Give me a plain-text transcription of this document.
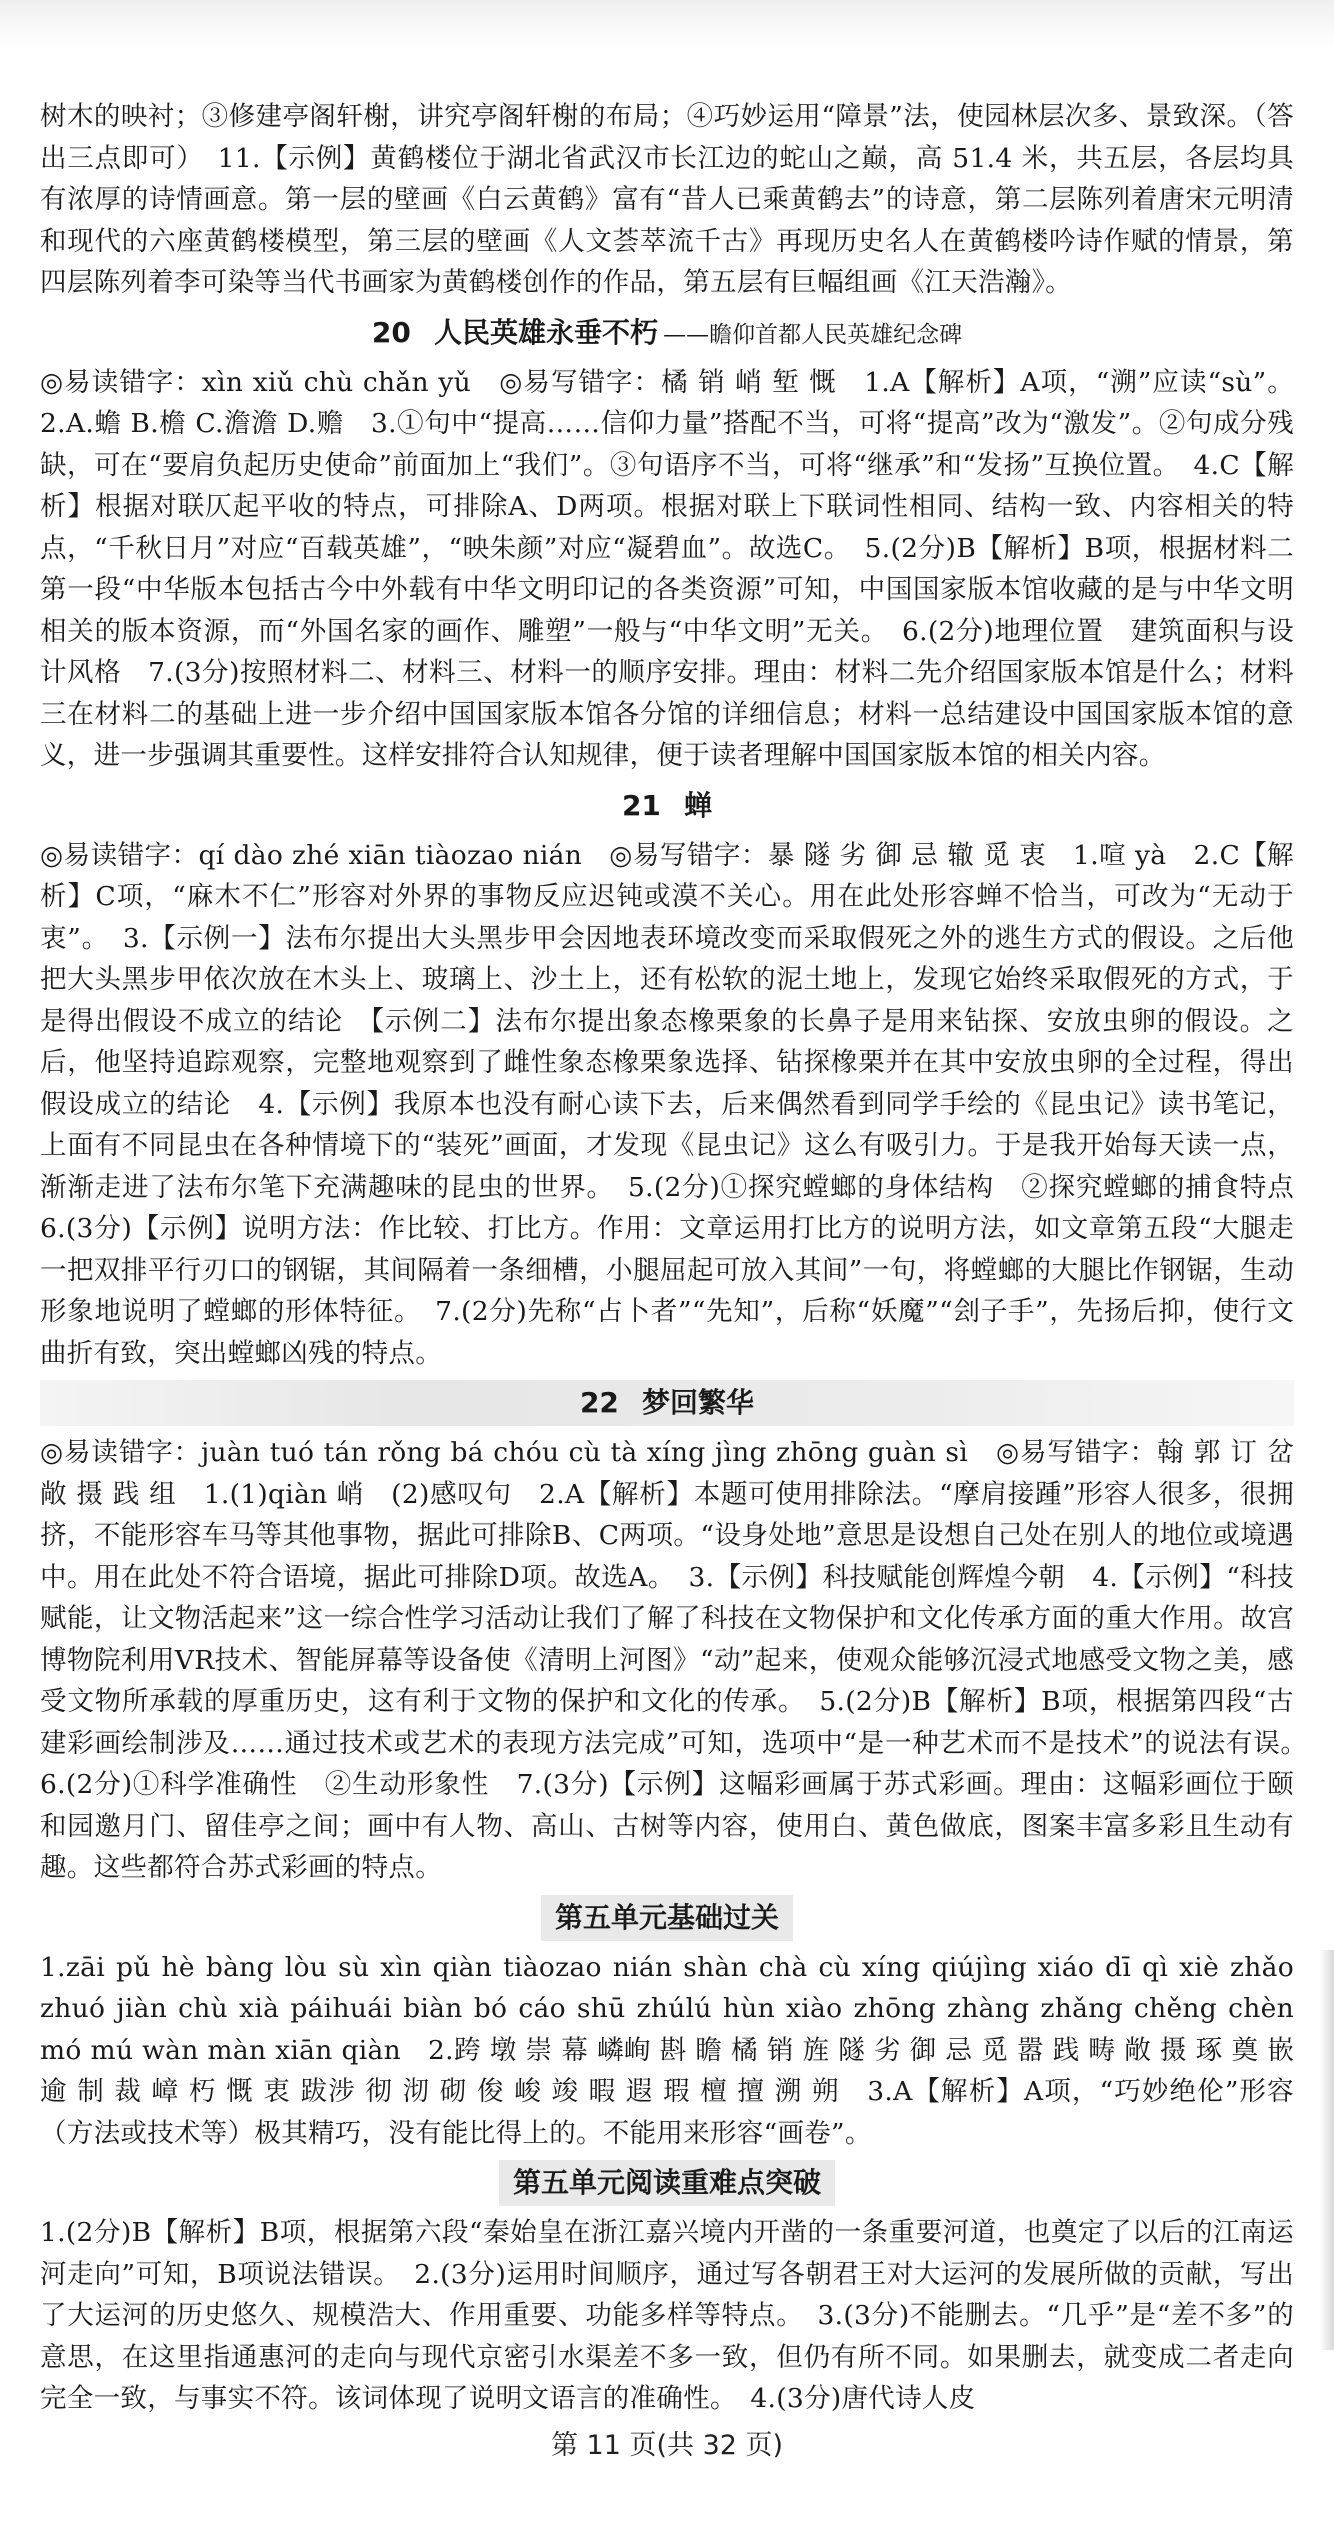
树木的映衬；③修建亭阁轩榭，讲究亭阁轩榭的布局；④巧妙运用“障景”法，使园林层次多、景致深。（答出三点即可）　11.【示例】黄鹤楼位于湖北省武汉市长江边的蛇山之巅，高 51.4 米，共五层，各层均具有浓厚的诗情画意。第一层的壁画《白云黄鹤》富有“昔人已乘黄鹤去”的诗意，第二层陈列着唐宋元明清和现代的六座黄鹤楼模型，第三层的壁画《人文荟萃流千古》再现历史名人在黄鹤楼吟诗作赋的情景，第四层陈列着李可染等当代书画家为黄鹤楼创作的作品，第五层有巨幅组画《江天浩瀚》。

20 人民英雄永垂不朽 ——瞻仰首都人民英雄纪念碑

◎易读错字：xìn xiǔ chù chǎn yǔ　◎易写错字：橘 销 峭 堑 慨　1.A【解析】A项，“溯”应读“sù”。 2.A.蟾 B.檐 C.澹澹 D.赡　3.①句中“提高……信仰力量”搭配不当，可将“提高”改为“激发”。②句成分残缺，可在“要肩负起历史使命”前面加上“我们”。③句语序不当，可将“继承”和“发扬”互换位置。　4.C【解析】根据对联仄起平收的特点，可排除A、D两项。根据对联上下联词性相同、结构一致、内容相关的特点，“千秋日月”对应“百载英雄”，“映朱颜”对应“凝碧血”。故选C。　5.(2分)B【解析】B项，根据材料二第一段“中华版本包括古今中外载有中华文明印记的各类资源”可知，中国国家版本馆收藏的是与中华文明相关的版本资源，而“外国名家的画作、雕塑”一般与“中华文明”无关。　6.(2分)地理位置　建筑面积与设计风格　7.(3分)按照材料二、材料三、材料一的顺序安排。理由：材料二先介绍国家版本馆是什么；材料三在材料二的基础上进一步介绍中国国家版本馆各分馆的详细信息；材料一总结建设中国国家版本馆的意义，进一步强调其重要性。这样安排符合认知规律，便于读者理解中国国家版本馆的相关内容。

21 蝉

◎易读错字：qí dào zhé xiān tiàozao nián　◎易写错字：暴 隧 劣 御 忌 辙 觅 衷　1.喧 yà　2.C【解析】C项，“麻木不仁”形容对外界的事物反应迟钝或漠不关心。用在此处形容蝉不恰当，可改为“无动于衷”。　3.【示例一】法布尔提出大头黑步甲会因地表环境改变而采取假死之外的逃生方式的假设。之后他把大头黑步甲依次放在木头上、玻璃上、沙土上，还有松软的泥土地上，发现它始终采取假死的方式，于是得出假设不成立的结论　【示例二】法布尔提出象态橡栗象的长鼻子是用来钻探、安放虫卵的假设。之后，他坚持追踪观察，完整地观察到了雌性象态橡栗象选择、钻探橡栗并在其中安放虫卵的全过程，得出假设成立的结论　4.【示例】我原本也没有耐心读下去，后来偶然看到同学手绘的《昆虫记》读书笔记，上面有不同昆虫在各种情境下的“装死”画面，才发现《昆虫记》这么有吸引力。于是我开始每天读一点，渐渐走进了法布尔笔下充满趣味的昆虫的世界。　5.(2分)①探究螳螂的身体结构　②探究螳螂的捕食特点　6.(3分)【示例】说明方法：作比较、打比方。作用：文章运用打比方的说明方法，如文章第五段“大腿走一把双排平行刃口的钢锯，其间隔着一条细槽，小腿屈起可放入其间”一句，将螳螂的大腿比作钢锯，生动形象地说明了螳螂的形体特征。　7.(2分)先称“占卜者”“先知”，后称“妖魔”“刽子手”，先扬后抑，使行文曲折有致，突出螳螂凶残的特点。

22 梦回繁华

◎易读错字：juàn tuó tán rǒng bá chóu cù tà xíng jìng zhōng guàn sì　◎易写错字：翰 郭 订 岔 敞 摄 践 组　1.(1)qiàn 峭　(2)感叹句　2.A【解析】本题可使用排除法。“摩肩接踵”形容人很多，很拥挤，不能形容车马等其他事物，据此可排除B、C两项。“设身处地”意思是设想自己处在别人的地位或境遇中。用在此处不符合语境，据此可排除D项。故选A。　3.【示例】科技赋能创辉煌今朝　4.【示例】“科技赋能，让文物活起来”这一综合性学习活动让我们了解了科技在文物保护和文化传承方面的重大作用。故宫博物院利用VR技术、智能屏幕等设备使《清明上河图》“动”起来，使观众能够沉浸式地感受文物之美，感受文物所承载的厚重历史，这有利于文物的保护和文化的传承。　5.(2分)B【解析】B项，根据第四段“古建彩画绘制涉及……通过技术或艺术的表现方法完成”可知，选项中“是一种艺术而不是技术”的说法有误。　6.(2分)①科学准确性　②生动形象性　7.(3分)【示例】这幅彩画属于苏式彩画。理由：这幅彩画位于颐和园邀月门、留佳亭之间；画中有人物、高山、古树等内容，使用白、黄色做底，图案丰富多彩且生动有趣。这些都符合苏式彩画的特点。

第五单元基础过关

1.zāi pǔ hè bàng lòu sù xìn qiàn tiàozao nián shàn chà cù xíng qiújìng xiáo dī qì xiè zhǎo zhuó jiàn chù xià páihuái biàn bó cáo shū zhúlú hùn xiào zhōng zhàng zhǎng chěng chèn mó mú wàn màn xiān qiàn　2.跨 墩 崇 幕 嶙峋 斟 瞻 橘 销 旌 隧 劣 御 忌 觅 嚣 践 畴 敞 摄 琢 奠 嵌 逾 制 裁 嶂 朽 慨 衷 跋涉 彻 沏 砌 俊 峻 竣 暇 遐 瑕 檀 擅 溯 朔　3.A【解析】A项，“巧妙绝伦”形容（方法或技术等）极其精巧，没有能比得上的。不能用来形容“画卷”。

第五单元阅读重难点突破

1.(2分)B【解析】B项，根据第六段“秦始皇在浙江嘉兴境内开凿的一条重要河道，也奠定了以后的江南运河走向”可知，B项说法错误。　2.(3分)运用时间顺序，通过写各朝君王对大运河的发展所做的贡献，写出了大运河的历史悠久、规模浩大、作用重要、功能多样等特点。　3.(3分)不能删去。“几乎”是“差不多”的意思，在这里指通惠河的走向与现代京密引水渠差不多一致，但仍有所不同。如果删去，就变成二者走向完全一致，与事实不符。该词体现了说明文语言的准确性。　4.(3分)唐代诗人皮

第 11 页(共 32 页)
